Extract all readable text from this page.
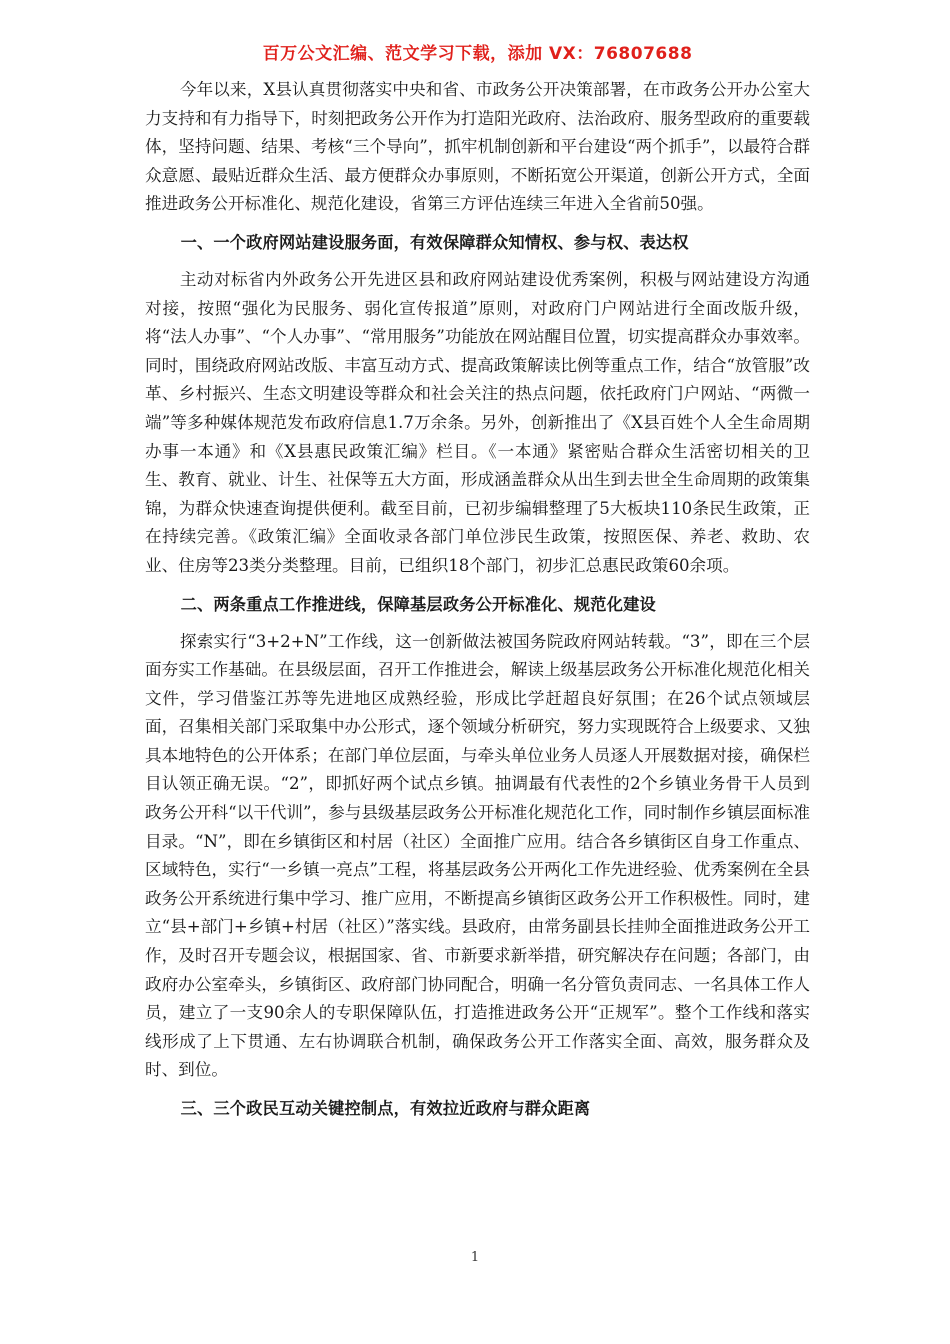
百万公文汇编、范文学习下载，添加 VX：76807688

今年以来，X县认真贯彻落实中央和省、市政务公开决策部署，在市政务公开办公室大力支持和有力指导下，时刻把政务公开作为打造阳光政府、法治政府、服务型政府的重要载体，坚持问题、结果、考核“三个导向”，抓牢机制创新和平台建设“两个抓手”，以最符合群众意愿、最贴近群众生活、最方便群众办事原则，不断拓宽公开渠道，创新公开方式，全面推进政务公开标准化、规范化建设，省第三方评估连续三年进入全省前50强。

一、一个政府网站建设服务面，有效保障群众知情权、参与权、表达权

主动对标省内外政务公开先进区县和政府网站建设优秀案例，积极与网站建设方沟通对接，按照“强化为民服务、弱化宣传报道”原则，对政府门户网站进行全面改版升级，将“法人办事”、“个人办事”、“常用服务”功能放在网站醒目位置，切实提高群众办事效率。同时，围绕政府网站改版、丰富互动方式、提高政策解读比例等重点工作，结合“放管服”改革、乡村振兴、生态文明建设等群众和社会关注的热点问题，依托政府门户网站、“两微一端”等多种媒体规范发布政府信息1.7万余条。另外，创新推出了《X县百姓个人全生命周期办事一本通》和《X县惠民政策汇编》栏目。《一本通》紧密贴合群众生活密切相关的卫生、教育、就业、计生、社保等五大方面，形成涵盖群众从出生到去世全生命周期的政策集锦，为群众快速查询提供便利。截至目前，已初步编辑整理了5大板块110条民生政策，正在持续完善。《政策汇编》全面收录各部门单位涉民生政策，按照医保、养老、救助、农业、住房等23类分类整理。目前，已组织18个部门，初步汇总惠民政策60余项。

二、两条重点工作推进线，保障基层政务公开标准化、规范化建设

探索实行“3+2+N”工作线，这一创新做法被国务院政府网站转载。“3”，即在三个层面夯实工作基础。在县级层面，召开工作推进会，解读上级基层政务公开标准化规范化相关文件，学习借鉴江苏等先进地区成熟经验，形成比学赶超良好氛围；在26个试点领域层面，召集相关部门采取集中办公形式，逐个领域分析研究，努力实现既符合上级要求、又独具本地特色的公开体系；在部门单位层面，与牵头单位业务人员逐人开展数据对接，确保栏目认领正确无误。“2”，即抓好两个试点乡镇。抽调最有代表性的2个乡镇业务骨干人员到政务公开科“以干代训”，参与县级基层政务公开标准化规范化工作，同时制作乡镇层面标准目录。“N”，即在乡镇街区和村居（社区）全面推广应用。结合各乡镇街区自身工作重点、区域特色，实行“一乡镇一亮点”工程，将基层政务公开两化工作先进经验、优秀案例在全县政务公开系统进行集中学习、推广应用，不断提高乡镇街区政务公开工作积极性。同时，建立“县+部门+乡镇+村居（社区）”落实线。县政府，由常务副县长挂帅全面推进政务公开工作，及时召开专题会议，根据国家、省、市新要求新举措，研究解决存在问题；各部门，由政府办公室牵头，乡镇街区、政府部门协同配合，明确一名分管负责同志、一名具体工作人员，建立了一支90余人的专职保障队伍，打造推进政务公开“正规军”。整个工作线和落实线形成了上下贯通、左右协调联合机制，确保政务公开工作落实全面、高效，服务群众及时、到位。

三、三个政民互动关键控制点，有效拉近政府与群众距离
1
